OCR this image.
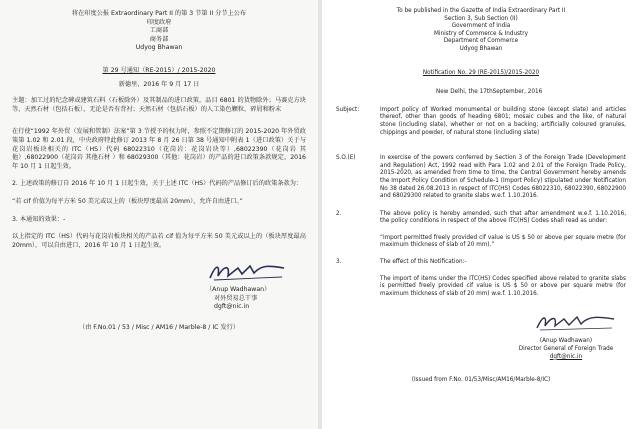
将在印度公报 Extraordinary Part II 的第 3 节第 II 分节上公布
印度政府
工商部
商务部
Udyog Bhawan
第 29 号通知（RE-2015）/ 2015-2020
新德里，2016 年 9 月 17 日

主题：加工过的纪念碑或建筑石料（石板除外）及其制品的进口政策，品目 6801 的货物除外；马赛克方块等，天然石材（包括石板），无论是否有背衬；天然石材（包括石板）的人工染色颗粒，碎屑和粉末

在行使“1992 年外贸（发展和管制）法案”第 3 节授予的权力时，参照不定期修订的 2015-2020 年外贸政策第 1.02 和 2.01 段，中央政府特此修订 2013 年 8 月 26 日第 38 号通知中附表 1（进口政策）关于与花岗岩板块相关的 ITC（HS）代码 68022310（花岗岩：花岗岩块等）,68022390（花岗岩 其他）,68022900（花岗岩 其他石材 ）和 68029300（其他：花岗岩）的产品的进口政策条款规定，2016 年 10 月 1 日起生效。

2. 上述政策的修订自 2016 年 10 月 1 日起生效，关于上述 ITC（HS）代码的产品修订后的政策条款为：

“若 cif 价值为每平方米 50 美元或以上的（板块厚度最高 20mm），允许自由进口。”

3. 本通知的效果：-

以上指定的 ITC（HS）代码与花岗岩板块相关的产品若 cif 值为每平方米 50 美元或以上的（板块厚度最高 20mm），可以自由进口，2016 年 10 月 1 日起生效。

（Anup Wadhawan）
对外贸易总干事
dgft@nic.in
（由 F.No.01 / 53 / Misc / AM16 / Marble-8 / IC 发行）
To be published in the Gazette of India Extraordinary Part II
Section 3, Sub Section (II)
Government of India
Ministry of Commerce & Industry
Department of Commerce
Udyog Bhawan
Notification No. 29 (RE-2015)/2015-2020
New Delhi, the 17thSeptember, 2016
Subject:	Import policy of Worked monumental or building stone (except slate) and articles thereof, other than goods of heading 6801; mosaic cubes and the like, of natural stone (including slate), whether or not on a backing; artificially coloured granules, chippings and powder, of natural stone (including slate)
S.O.(E)	In exercise of the powers conferred by Section 3 of the Foreign Trade (Development and Regulation) Act, 1992 read with Para 1.02 and 2.01 of the Foreign Trade Policy, 2015-2020, as amended from time to time, the Central Government hereby amends the Import Policy Condition of Schedule-1 (Import Policy) stipulated under Notification No 38 dated 26.08.2013 in respect of ITC(HS) Codes 68022310, 68022390, 68022900 and 68029300 related to granite slabs w.e.f. 1.10.2016.
2.	The above policy is hereby amended, such that after amendment w.e.f. 1.10.2016, the policy conditions in respect of the above ITC(HS) Codes shall read as under:
“Import permitted freely provided cif value is US $ 50 or above per square metre (for maximum thickness of slab of 20 mm).”
3.	The effect of this Notification:-
The import of items under the ITC(HS) Codes specified above related to granite slabs is permitted freely provided cif value is US $ 50 or above per square metre (for maximum thickness of slab of 20 mm) w.e.f. 1.10.2016.
(Anup Wadhawan)
Director General of Foreign Trade
dgft@nic.in
(Issued from F.No. 01/53/Misc/AM16/Marble-8/IC)
